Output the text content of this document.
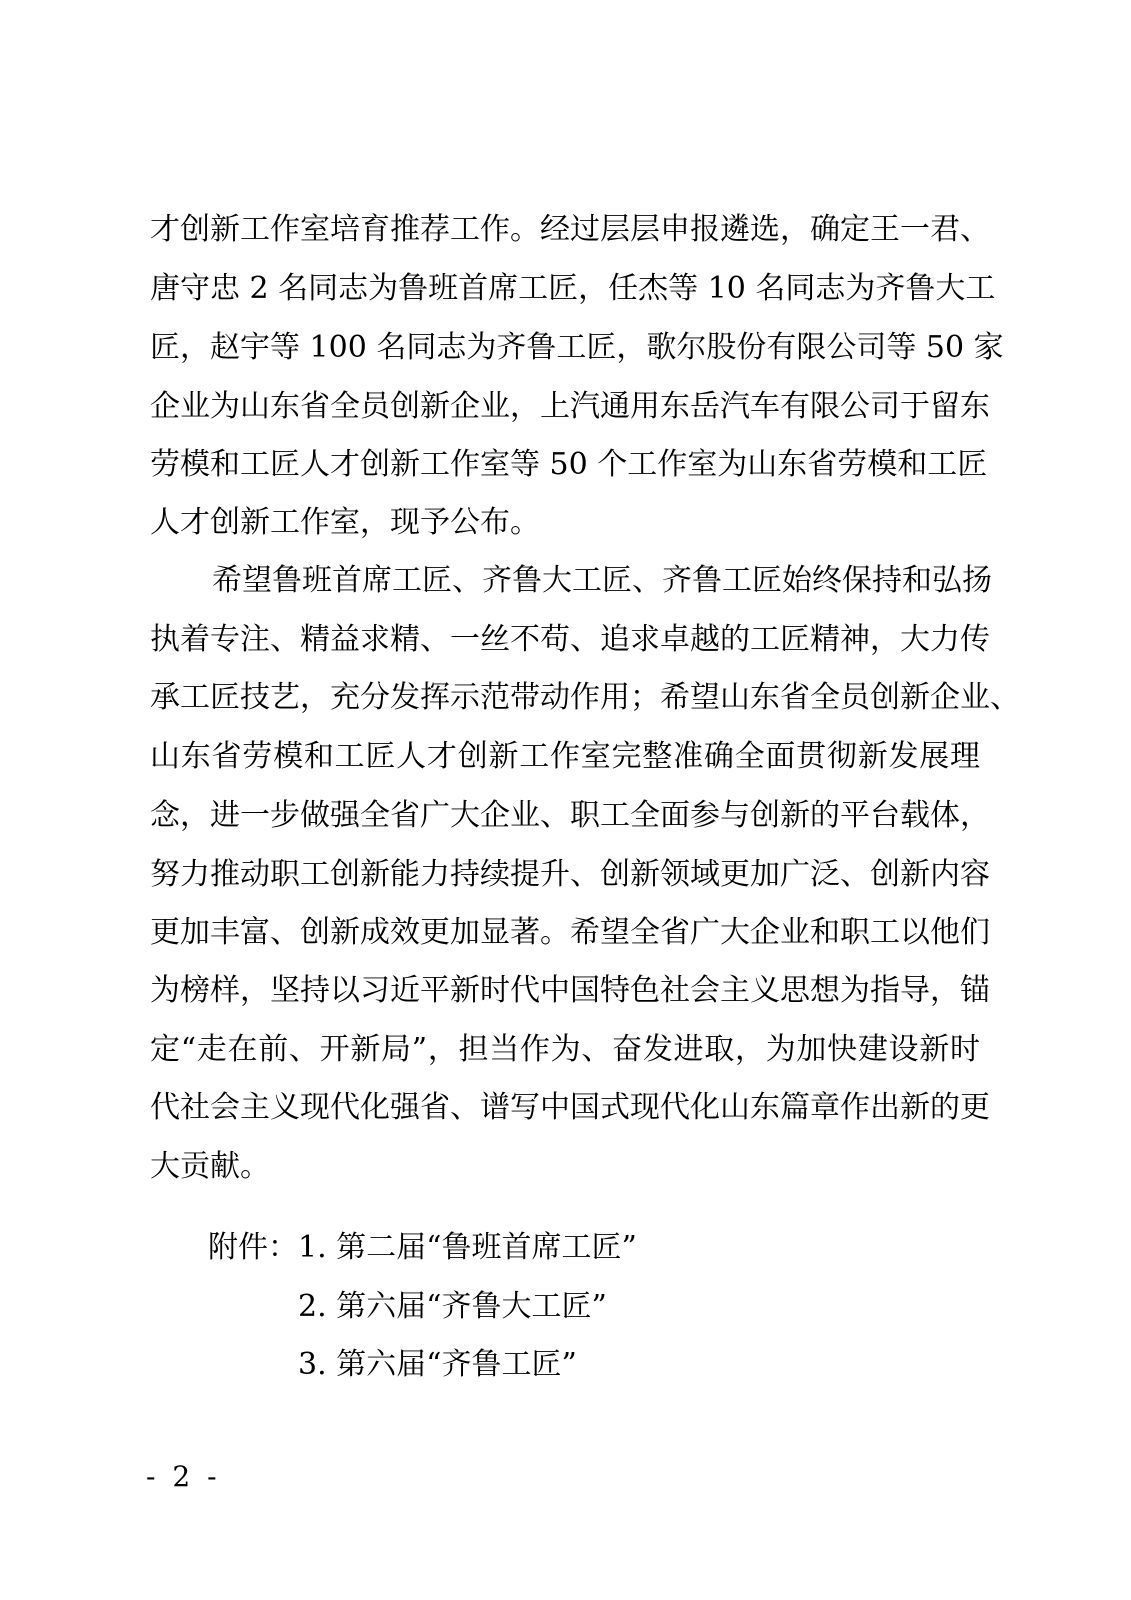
才创新工作室培育推荐工作。经过层层申报遴选，确定王一君、
唐守忠 2 名同志为鲁班首席工匠，任杰等 10 名同志为齐鲁大工
匠，赵宇等 100 名同志为齐鲁工匠，歌尔股份有限公司等 50 家
企业为山东省全员创新企业，上汽通用东岳汽车有限公司于留东
劳模和工匠人才创新工作室等 50 个工作室为山东省劳模和工匠
人才创新工作室，现予公布。
希望鲁班首席工匠、齐鲁大工匠、齐鲁工匠始终保持和弘扬
执着专注、精益求精、一丝不苟、追求卓越的工匠精神，大力传
承工匠技艺，充分发挥示范带动作用；希望山东省全员创新企业、
山东省劳模和工匠人才创新工作室完整准确全面贯彻新发展理
念，进一步做强全省广大企业、职工全面参与创新的平台载体，
努力推动职工创新能力持续提升、创新领域更加广泛、创新内容
更加丰富、创新成效更加显著。希望全省广大企业和职工以他们
为榜样，坚持以习近平新时代中国特色社会主义思想为指导，锚
定“走在前、开新局”，担当作为、奋发进取，为加快建设新时
代社会主义现代化强省、谱写中国式现代化山东篇章作出新的更
大贡献。
附件： 1. 第二届“鲁班首席工匠”
2. 第六届“齐鲁大工匠”
3. 第六届“齐鲁工匠”
- 2 -
